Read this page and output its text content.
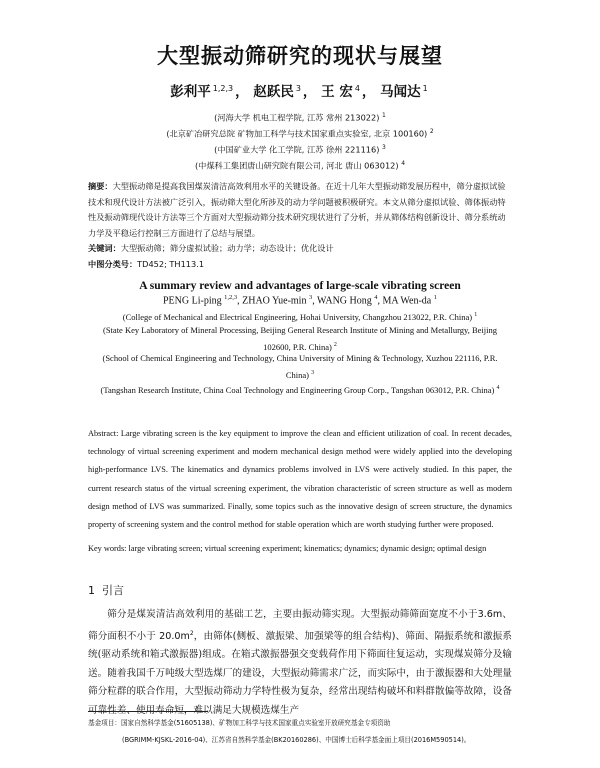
大型振动筛研究的现状与展望
彭利平 $^{1,2,3}$ ， 赵跃民 $^3$ ， 王 宏 $^4$ ， 马闻达 $^1$
(河海大学 机电工程学院, 江苏 常州 213022) $^1$
(北京矿冶研究总院 矿物加工科学与技术国家重点实验室, 北京 100160) $^2$
(中国矿业大学 化工学院, 江苏 徐州 221116) $^3$
(中煤科工集团唐山研究院有限公司, 河北 唐山 063012) $^4$
摘要：大型振动筛是提高我国煤炭清洁高效利用水平的关键设备。在近十几年大型振动筛发展历程中，筛分虚拟试验技术和现代设计方法被广泛引入，振动筛大型化所涉及的动力学问题被积极研究。本文从筛分虚拟试验、筛体振动特性及振动筛现代设计方法等三个方面对大型振动筛分技术研究现状进行了分析，并从筛体结构创新设计、筛分系统动力学及平稳运行控制三方面进行了总结与展望。
关键词：大型振动筛；筛分虚拟试验；动力学；动态设计；优化设计
中图分类号：TD452; TH113.1
A summary review and advantages of large-scale vibrating screen
PENG Li-ping $^{1,2,3}$, ZHAO Yue-min $^3$, WANG Hong $^4$, MA Wen-da $^1$
(College of Mechanical and Electrical Engineering, Hohai University, Changzhou 213022, P.R. China) $^1$
(State Key Laboratory of Mineral Processing, Beijing General Research Institute of Mining and Metallurgy, Beijing 102600, P.R. China) $^2$
(School of Chemical Engineering and Technology, China University of Mining & Technology, Xuzhou 221116, P.R. China) $^3$
(Tangshan Research Institute, China Coal Technology and Engineering Group Corp., Tangshan 063012, P.R. China) $^4$
Abstract: Large vibrating screen is the key equipment to improve the clean and efficient utilization of coal. In recent decades, technology of virtual screening experiment and modern mechanical design method were widely applied into the developing high-performance LVS. The kinematics and dynamics problems involved in LVS were actively studied. In this paper, the current research status of the virtual screening experiment, the vibration characteristic of screen structure as well as modern design method of LVS was summarized. Finally, some topics such as the innovative design of screen structure, the dynamics property of screening system and the control method for stable operation which are worth studying further were proposed.
Key words: large vibrating screen; virtual screening experiment; kinematics; dynamics; dynamic design; optimal design
1 引言
筛分是煤炭清洁高效利用的基础工艺，主要由振动筛实现。大型振动筛筛面宽度不小于3.6m、筛分面积不小于 $20.0m^2$，由筛体(侧板、激振梁、加强梁等的组合结构)、筛面、隔振系统和激振系统(驱动系统和箱式激振器)组成。在箱式激振器强交变载荷作用下筛面往复运动，实现煤炭筛分及输送。随着我国千万吨级大型选煤厂的建设，大型振动筛需求广泛，而实际中，由于激振器和大处理量筛分粒群的联合作用，大型振动筛动力学特性极为复杂，经常出现结构破坏和料群散偏等故障，设备可靠性差、使用寿命短，难以满足大规模选煤生产
基金项目：国家自然科学基金(51605138)、矿物加工科学与技术国家重点实验室开放研究基金专项资助
(BGRIMM-KJSKL-2016-04)、江苏省自然科学基金(BK20160286)、中国博士后科学基金面上项目(2016M590514)。
